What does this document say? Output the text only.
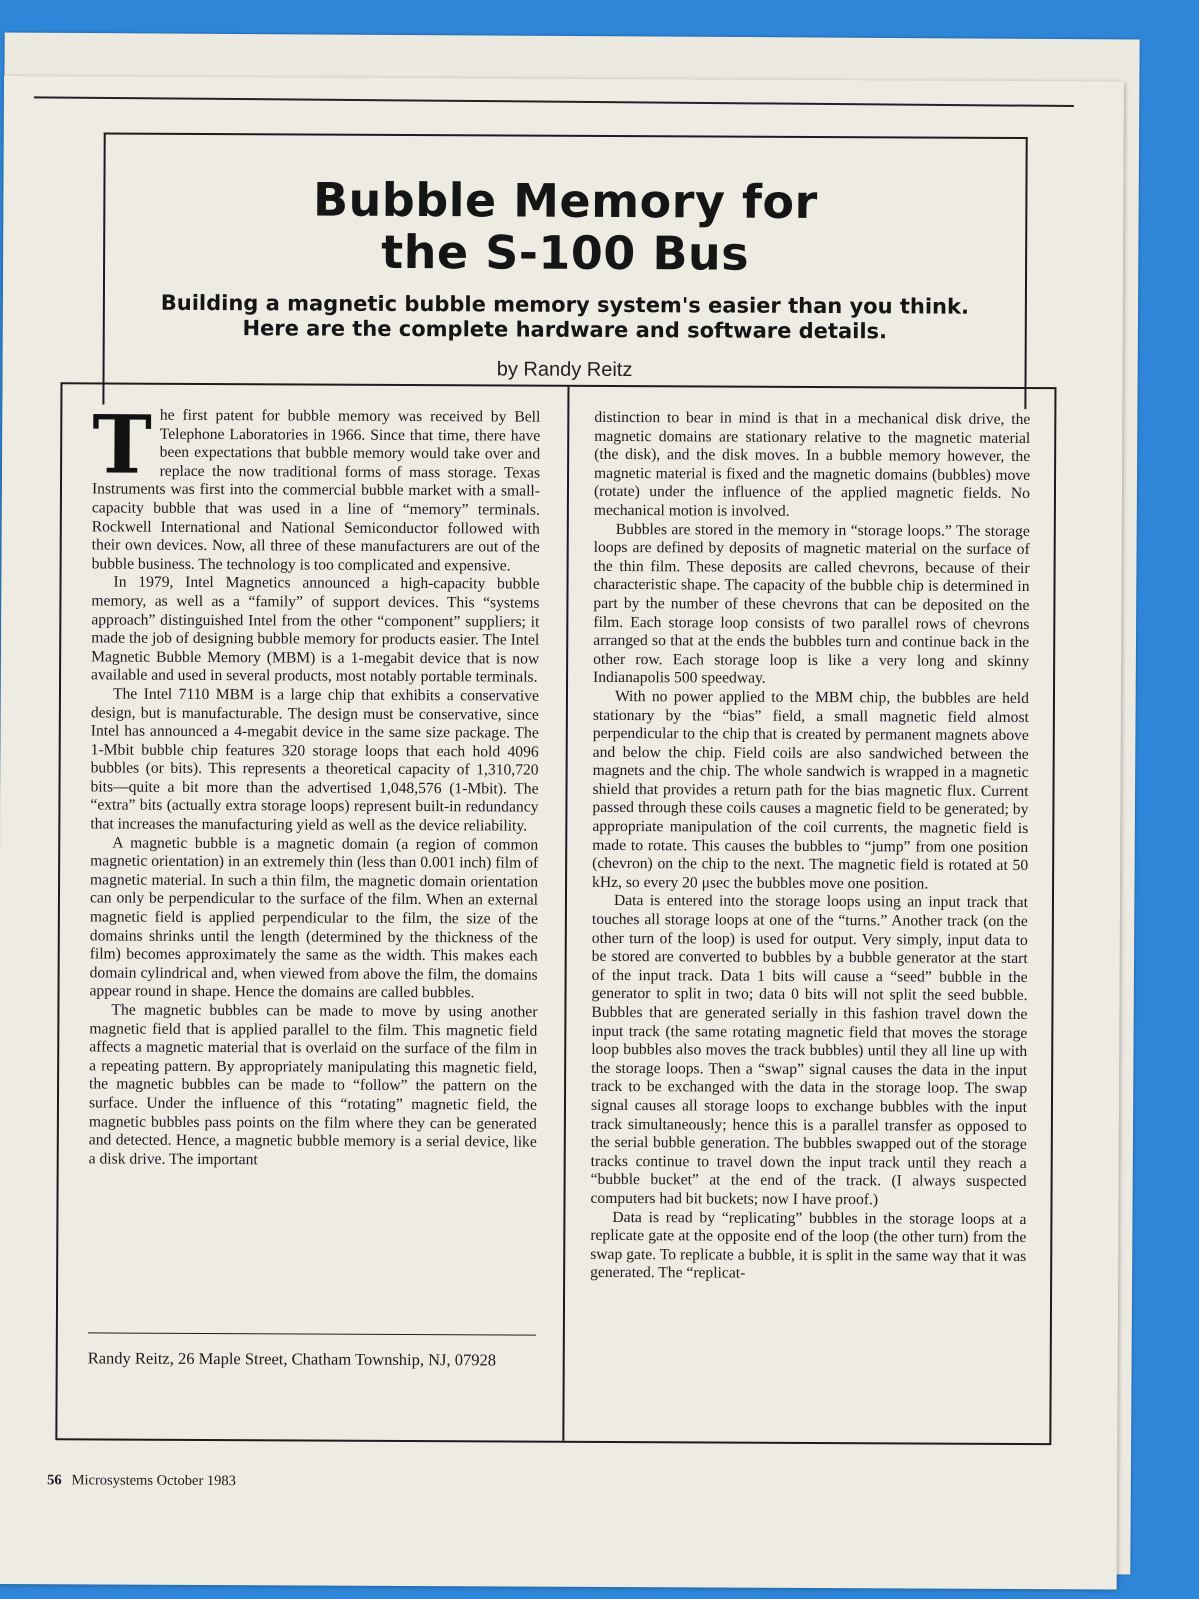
Bubble Memory for
the S-100 Bus
Building a magnetic bubble memory system's easier than you think. Here are the complete hardware and software details.
by Randy Reitz

The first patent for bubble memory was received by Bell Telephone Laboratories in 1966. Since that time, there have been expectations that bubble memory would take over and replace the now traditional forms of mass storage. Texas Instruments was first into the commercial bubble market with a small-capacity bubble that was used in a line of “memory” terminals. Rockwell International and National Semiconductor followed with their own devices. Now, all three of these manufacturers are out of the bubble business. The technology is too complicated and expensive.

In 1979, Intel Magnetics announced a high-capacity bubble memory, as well as a “family” of support devices. This “systems approach” distinguished Intel from the other “component” suppliers; it made the job of designing bubble memory for products easier. The Intel Magnetic Bubble Memory (MBM) is a 1-megabit device that is now available and used in several products, most notably portable terminals.

The Intel 7110 MBM is a large chip that exhibits a conservative design, but is manufacturable. The design must be conservative, since Intel has announced a 4-megabit device in the same size package. The 1-Mbit bubble chip features 320 storage loops that each hold 4096 bubbles (or bits). This represents a theoretical capacity of 1,310,720 bits—quite a bit more than the advertised 1,048,576 (1-Mbit). The “extra” bits (actually extra storage loops) represent built-in redundancy that increases the manufacturing yield as well as the device reliability.

A magnetic bubble is a magnetic domain (a region of common magnetic orientation) in an extremely thin (less than 0.001 inch) film of magnetic material. In such a thin film, the magnetic domain orientation can only be perpendicular to the surface of the film. When an external magnetic field is applied perpendicular to the film, the size of the domains shrinks until the length (determined by the thickness of the film) becomes approximately the same as the width. This makes each domain cylindrical and, when viewed from above the film, the domains appear round in shape. Hence the domains are called bubbles.

The magnetic bubbles can be made to move by using another magnetic field that is applied parallel to the film. This magnetic field affects a magnetic material that is overlaid on the surface of the film in a repeating pattern. By appropriately manipulating this magnetic field, the magnetic bubbles can be made to “follow” the pattern on the surface. Under the influence of this “rotating” magnetic field, the magnetic bubbles pass points on the film where they can be generated and detected. Hence, a magnetic bubble memory is a serial device, like a disk drive. The important

Randy Reitz, 26 Maple Street, Chatham Township, NJ, 07928

distinction to bear in mind is that in a mechanical disk drive, the magnetic domains are stationary relative to the magnetic material (the disk), and the disk moves. In a bubble memory however, the magnetic material is fixed and the magnetic domains (bubbles) move (rotate) under the influence of the applied magnetic fields. No mechanical motion is involved.

Bubbles are stored in the memory in “storage loops.” The storage loops are defined by deposits of magnetic material on the surface of the thin film. These deposits are called chevrons, because of their characteristic shape. The capacity of the bubble chip is determined in part by the number of these chevrons that can be deposited on the film. Each storage loop consists of two parallel rows of chevrons arranged so that at the ends the bubbles turn and continue back in the other row. Each storage loop is like a very long and skinny Indianapolis 500 speedway.

With no power applied to the MBM chip, the bubbles are held stationary by the “bias” field, a small magnetic field almost perpendicular to the chip that is created by permanent magnets above and below the chip. Field coils are also sandwiched between the magnets and the chip. The whole sandwich is wrapped in a magnetic shield that provides a return path for the bias magnetic flux. Current passed through these coils causes a magnetic field to be generated; by appropriate manipulation of the coil currents, the magnetic field is made to rotate. This causes the bubbles to “jump” from one position (chevron) on the chip to the next. The magnetic field is rotated at 50 kHz, so every 20 μsec the bubbles move one position.

Data is entered into the storage loops using an input track that touches all storage loops at one of the “turns.” Another track (on the other turn of the loop) is used for output. Very simply, input data to be stored are converted to bubbles by a bubble generator at the start of the input track. Data 1 bits will cause a “seed” bubble in the generator to split in two; data 0 bits will not split the seed bubble. Bubbles that are generated serially in this fashion travel down the input track (the same rotating magnetic field that moves the storage loop bubbles also moves the track bubbles) until they all line up with the storage loops. Then a “swap” signal causes the data in the input track to be exchanged with the data in the storage loop. The swap signal causes all storage loops to exchange bubbles with the input track simultaneously; hence this is a parallel transfer as opposed to the serial bubble generation. The bubbles swapped out of the storage tracks continue to travel down the input track until they reach a “bubble bucket” at the end of the track. (I always suspected computers had bit buckets; now I have proof.)

Data is read by “replicating” bubbles in the storage loops at a replicate gate at the opposite end of the loop (the other turn) from the swap gate. To replicate a bubble, it is split in the same way that it was generated. The “replicat-

56 Microsystems October 1983
